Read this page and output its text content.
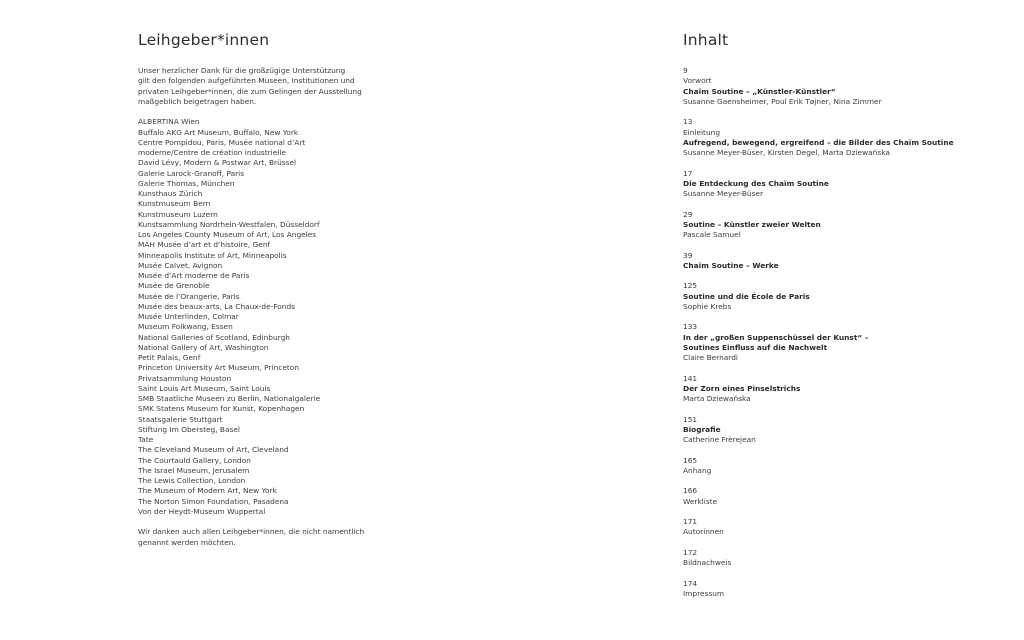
Leihgeber*innen
Unser herzlicher Dank für die großzügige Unterstützung
gilt den folgenden aufgeführten Museen, Institutionen und
privaten Leihgeber*innen, die zum Gelingen der Ausstellung
maßgeblich beigetragen haben.
ALBERTINA Wien
Buffalo AKG Art Museum, Buffalo, New York
Centre Pompidou, Paris, Musée national d’Art
moderne/Centre de création industrielle
David Lévy, Modern & Postwar Art, Brüssel
Galerie Larock-Granoff, Paris
Galerie Thomas, München
Kunsthaus Zürich
Kunstmuseum Bern
Kunstmuseum Luzern
Kunstsammlung Nordrhein-Westfalen, Düsseldorf
Los Angeles County Museum of Art, Los Angeles
MAH Musée d’art et d’histoire, Genf
Minneapolis Institute of Art, Minneapolis
Musée Calvet, Avignon
Musée d’Art moderne de Paris
Musée de Grenoble
Musée de l’Orangerie, Paris
Musée des beaux-arts, La Chaux-de-Fonds
Musée Unterlinden, Colmar
Museum Folkwang, Essen
National Galleries of Scotland, Edinburgh
National Gallery of Art, Washington
Petit Palais, Genf
Princeton University Art Museum, Princeton
Privatsammlung Houston
Saint Louis Art Museum, Saint Louis
SMB Staatliche Museen zu Berlin, Nationalgalerie
SMK Statens Museum for Kunst, Kopenhagen
Staatsgalerie Stuttgart
Stiftung Im Obersteg, Basel
Tate
The Cleveland Museum of Art, Cleveland
The Courtauld Gallery, London
The Israel Museum, Jerusalem
The Lewis Collection, London
The Museum of Modern Art, New York
The Norton Simon Foundation, Pasadena
Von der Heydt-Museum Wuppertal
Wir danken auch allen Leihgeber*innen, die nicht namentlich
genannt werden möchten.
Inhalt
9
Vorwort
Chaïm Soutine – „Künstler-Künstler“
Susanne Gaensheimer, Poul Erik Tøjner, Nina Zimmer
13
Einleitung
Aufregend, bewegend, ergreifend – die Bilder des Chaïm Soutine
Susanne Meyer-Büser, Kirsten Degel, Marta Dziewańska
17
Die Entdeckung des Chaïm Soutine
Susanne Meyer-Büser
29
Soutine – Künstler zweier Welten
Pascale Samuel
39
Chaïm Soutine – Werke
125
Soutine und die École de Paris
Sophie Krebs
133
In der „großen Suppenschüssel der Kunst“ –
Soutines Einfluss auf die Nachwelt
Claire Bernardi
141
Der Zorn eines Pinselstrichs
Marta Dziewańska
151
Biografie
Catherine Frèrejean
165
Anhang
166
Werkliste
171
Autorinnen
172
Bildnachweis
174
Impressum
